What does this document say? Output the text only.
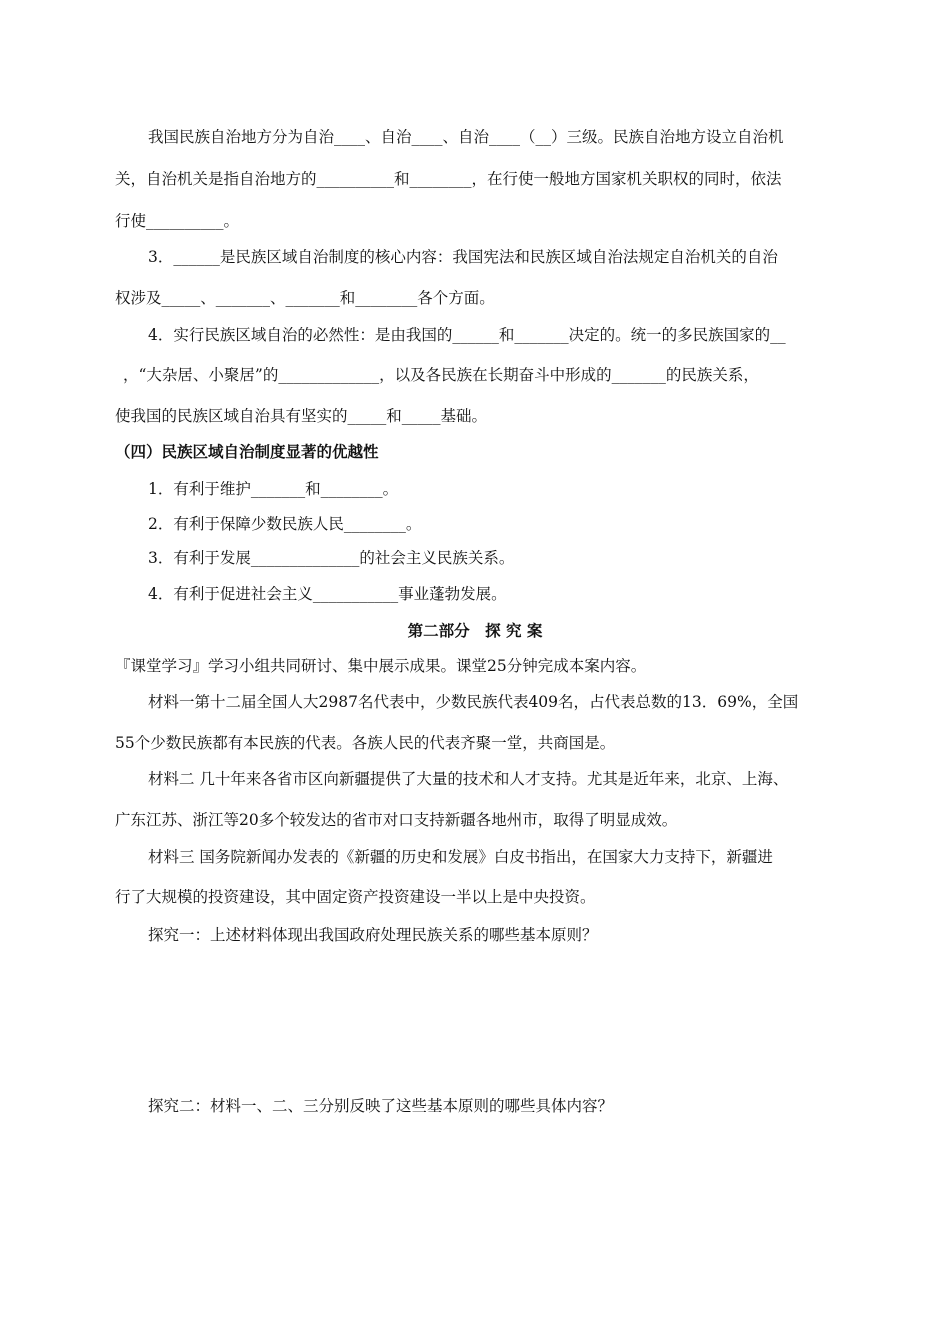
我国民族自治地方分为自治____、自治____、自治____（__）三级。民族自治地方设立自治机
关，自治机关是指自治地方的__________和________，在行使一般地方国家机关职权的同时，依法
行使__________。
3．______是民族区域自治制度的核心内容：我国宪法和民族区域自治法规定自治机关的自治
权涉及_____、_______、_______和________各个方面。
4．实行民族区域自治的必然性：是由我国的______和_______决定的。统一的多民族国家的__
，“大杂居、小聚居”的_____________，以及各民族在长期奋斗中形成的_______的民族关系，
使我国的民族区域自治具有坚实的_____和_____基础。
（四）民族区域自治制度显著的优越性
1．有利于维护_______和________。
2．有利于保障少数民族人民________。
3．有利于发展______________的社会主义民族关系。
4．有利于促进社会主义___________事业蓬勃发展。
第二部分　探 究 案
『课堂学习』学习小组共同研讨、集中展示成果。课堂25分钟完成本案内容。
材料一第十二届全国人大2987名代表中，少数民族代表409名，占代表总数的13．69%，全国
55个少数民族都有本民族的代表。各族人民的代表齐聚一堂，共商国是。
材料二 几十年来各省市区向新疆提供了大量的技术和人才支持。尤其是近年来，北京、上海、
广东江苏、浙江等20多个较发达的省市对口支持新疆各地州市，取得了明显成效。
材料三 国务院新闻办发表的《新疆的历史和发展》白皮书指出，在国家大力支持下，新疆进
行了大规模的投资建设，其中固定资产投资建设一半以上是中央投资。
探究一：上述材料体现出我国政府处理民族关系的哪些基本原则？
探究二：材料一、二、三分别反映了这些基本原则的哪些具体内容？
